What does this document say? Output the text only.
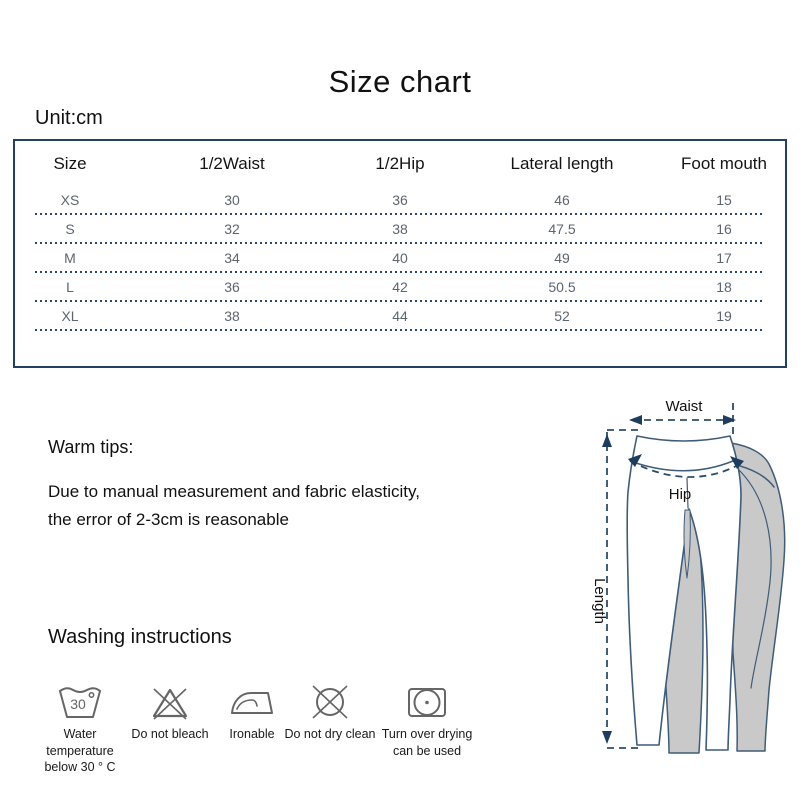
Size chart
Unit:cm
Size	1/2Waist	1/2Hip	Lateral length	Foot mouth
XS	30	36	46	15
S	32	38	47.5	16
M	34	40	49	17
L	36	42	50.5	18
XL	38	44	52	19
Warm tips:
Due to manual measurement and fabric elasticity,
the error of 2-3cm is reasonable
Waist
Hip
Length
Washing instructions
30
Water temperature below 30 ° C
Do not bleach	Ironable Do not dry clean Turn over drying can be used
